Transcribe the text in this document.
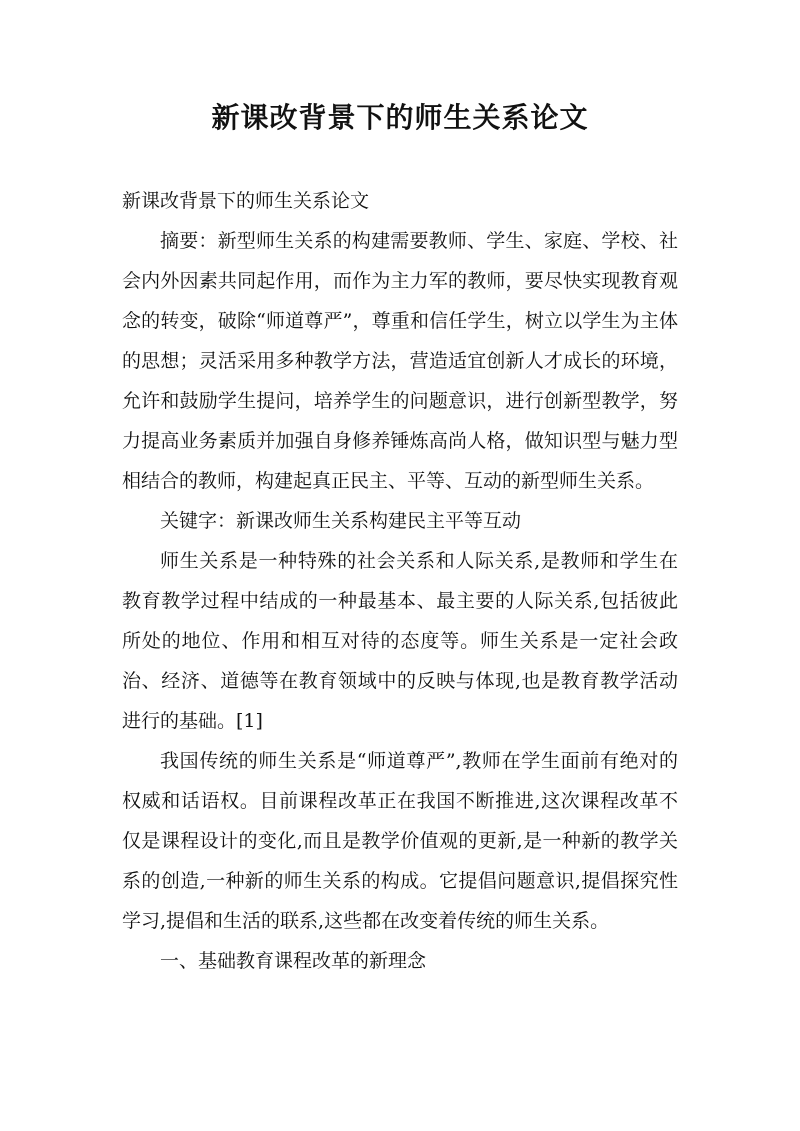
新课改背景下的师生关系论文

新课改背景下的师生关系论文

摘要：新型师生关系的构建需要教师、学生、家庭、学校、社会内外因素共同起作用，而作为主力军的教师，要尽快实现教育观念的转变，破除“师道尊严”，尊重和信任学生，树立以学生为主体的思想；灵活采用多种教学方法，营造适宜创新人才成长的环境，允许和鼓励学生提问，培养学生的问题意识，进行创新型教学，努力提高业务素质并加强自身修养锤炼高尚人格，做知识型与魅力型相结合的教师，构建起真正民主、平等、互动的新型师生关系。

关键字：新课改师生关系构建民主平等互动

师生关系是一种特殊的社会关系和人际关系,是教师和学生在教育教学过程中结成的一种最基本、最主要的人际关系,包括彼此所处的地位、作用和相互对待的态度等。师生关系是一定社会政治、经济、道德等在教育领域中的反映与体现,也是教育教学活动进行的基础。[1]

我国传统的师生关系是“师道尊严”,教师在学生面前有绝对的权威和话语权。目前课程改革正在我国不断推进,这次课程改革不仅是课程设计的变化,而且是教学价值观的更新,是一种新的教学关系的创造,一种新的师生关系的构成。它提倡问题意识,提倡探究性学习,提倡和生活的联系,这些都在改变着传统的师生关系。

一、基础教育课程改革的新理念
